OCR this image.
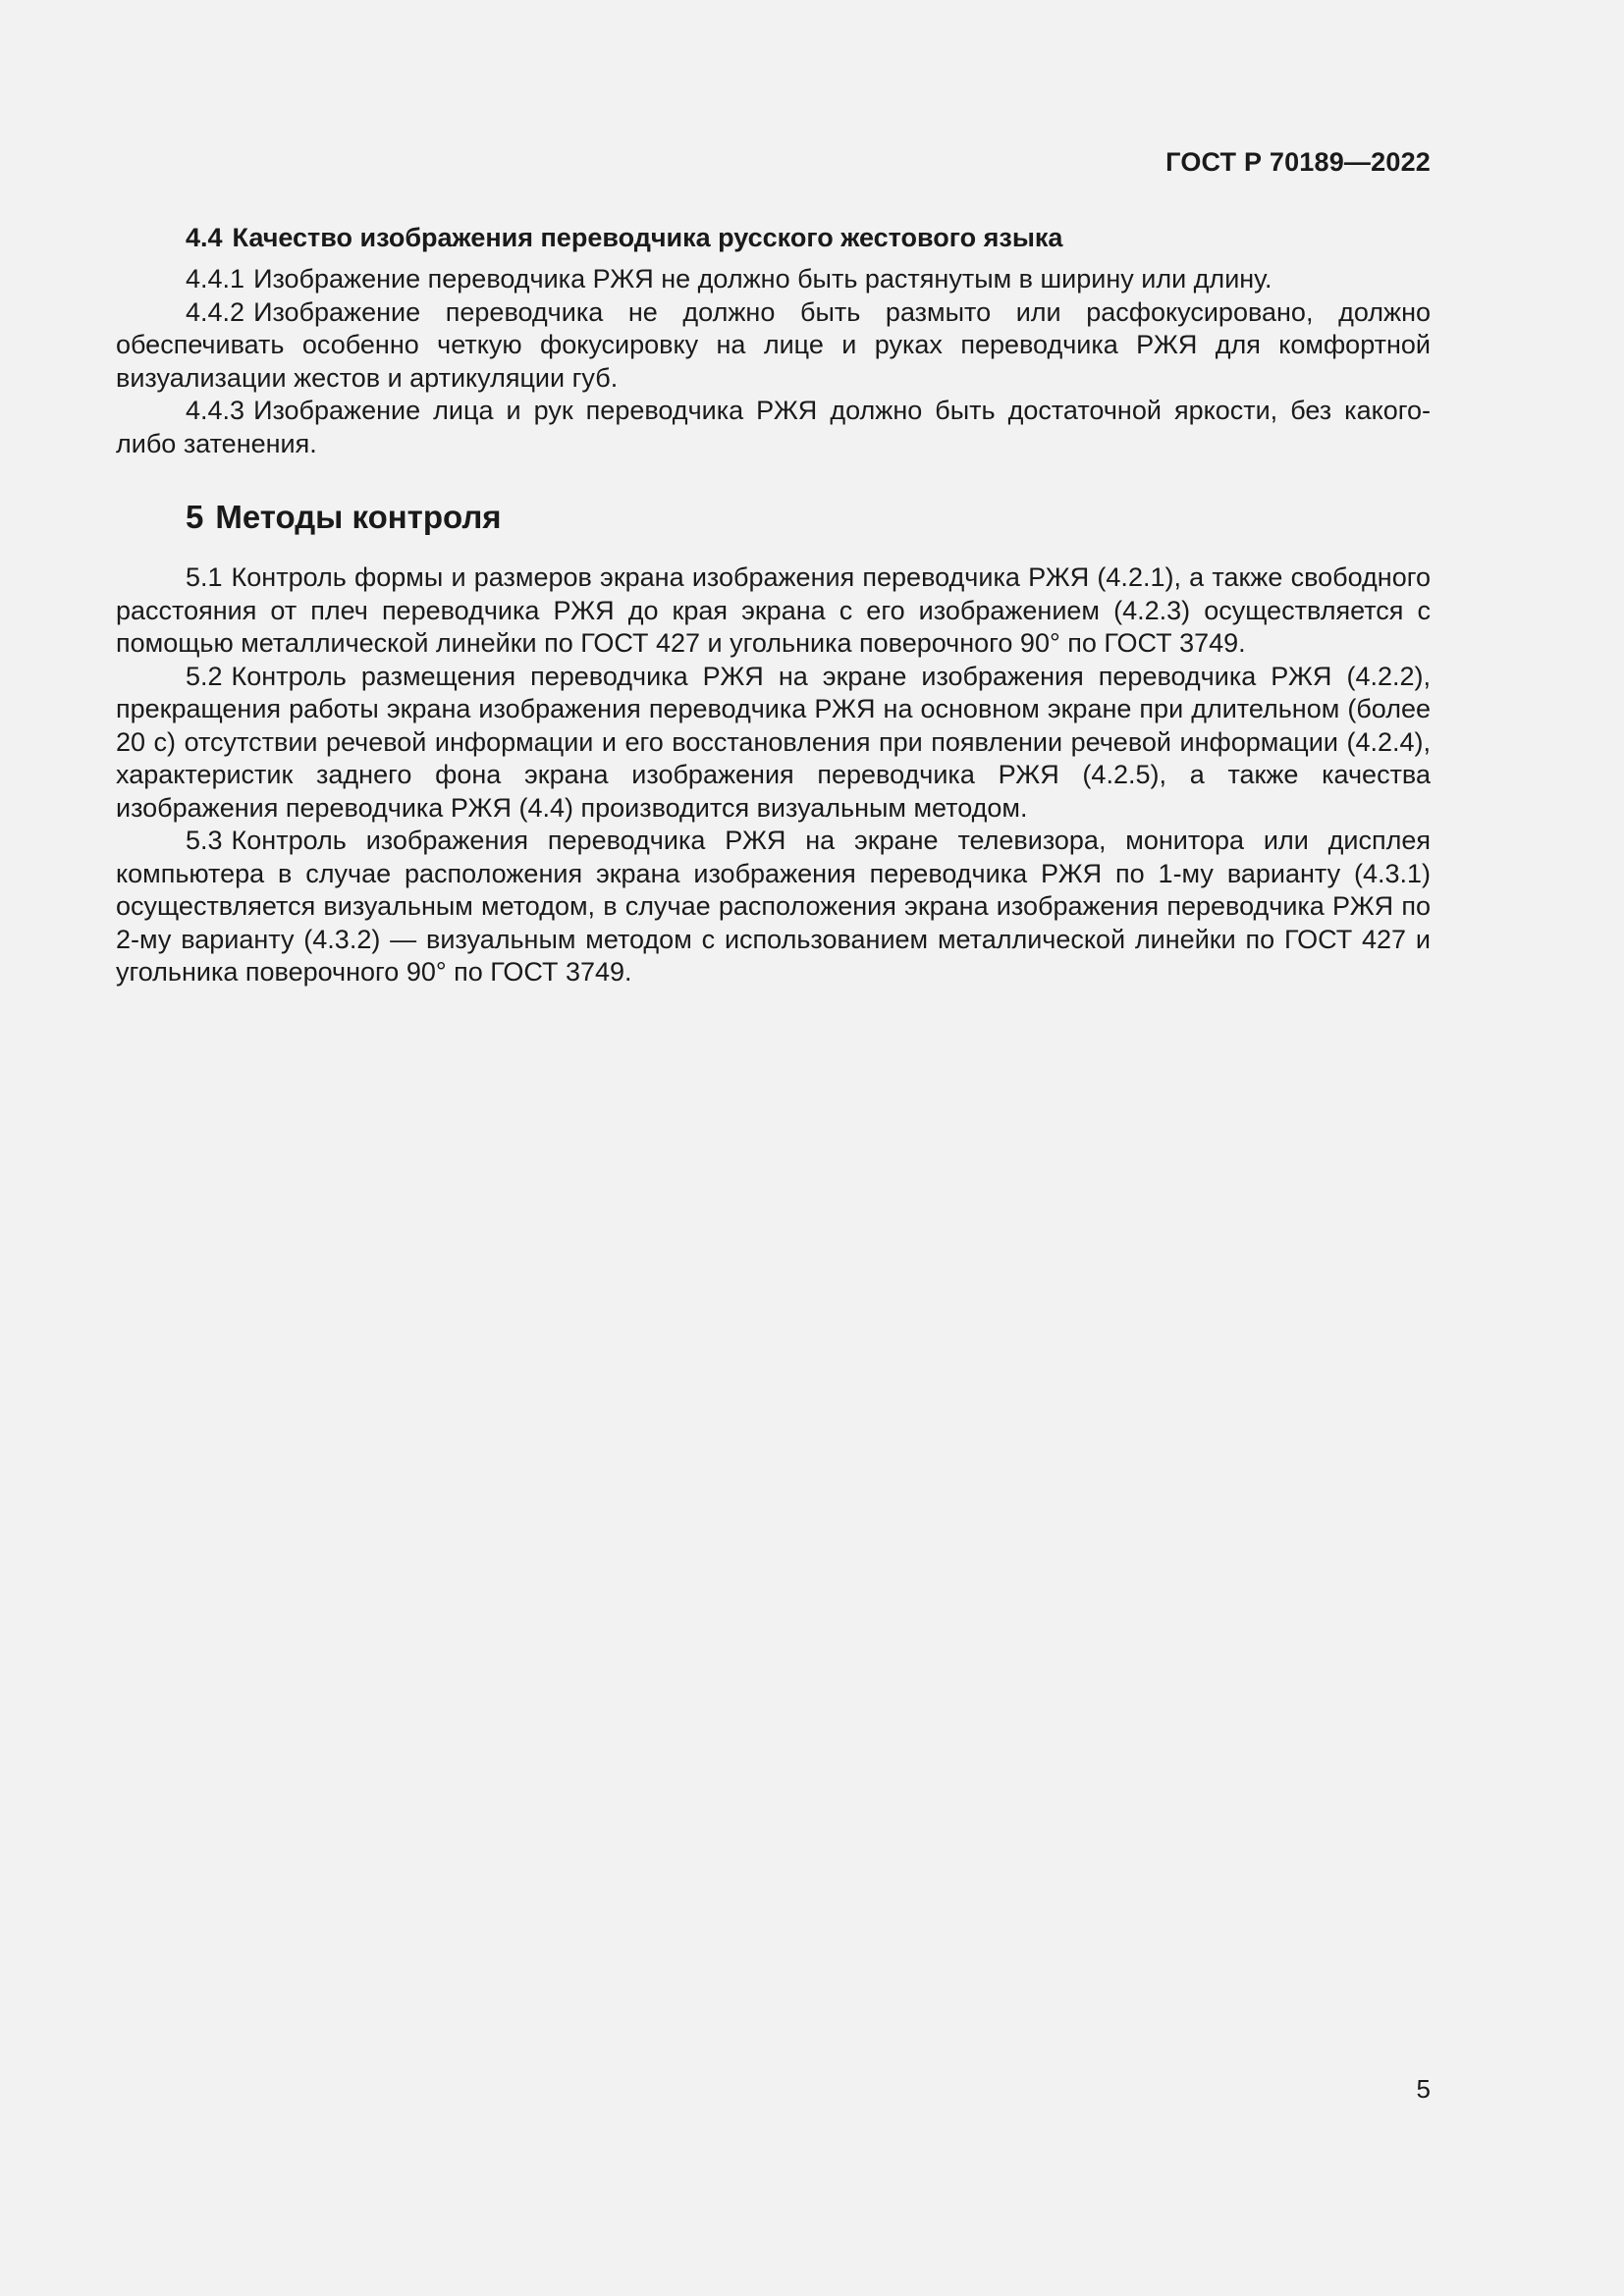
ГОСТ Р 70189—2022
4.4 Качество изображения переводчика русского жестового языка

4.4.1 Изображение переводчика РЖЯ не должно быть растянутым в ширину или длину.

4.4.2 Изображение переводчика не должно быть размыто или расфокусировано, должно обеспечивать особенно четкую фокусировку на лице и руках переводчика РЖЯ для комфортной визуализации жестов и артикуляции губ.

4.4.3 Изображение лица и рук переводчика РЖЯ должно быть достаточной яркости, без какого-либо затенения.

5 Методы контроля

5.1 Контроль формы и размеров экрана изображения переводчика РЖЯ (4.2.1), а также свободного расстояния от плеч переводчика РЖЯ до края экрана с его изображением (4.2.3) осуществляется с помощью металлической линейки по ГОСТ 427 и угольника поверочного 90° по ГОСТ 3749.

5.2 Контроль размещения переводчика РЖЯ на экране изображения переводчика РЖЯ (4.2.2), прекращения работы экрана изображения переводчика РЖЯ на основном экране при длительном (более 20 с) отсутствии речевой информации и его восстановления при появлении речевой информации (4.2.4), характеристик заднего фона экрана изображения переводчика РЖЯ (4.2.5), а также качества изображения переводчика РЖЯ (4.4) производится визуальным методом.

5.3 Контроль изображения переводчика РЖЯ на экране телевизора, монитора или дисплея компьютера в случае расположения экрана изображения переводчика РЖЯ по 1-му варианту (4.3.1) осуществляется визуальным методом, в случае расположения экрана изображения переводчика РЖЯ по 2-му варианту (4.3.2) — визуальным методом с использованием металлической линейки по ГОСТ 427 и угольника поверочного 90° по ГОСТ 3749.

5
